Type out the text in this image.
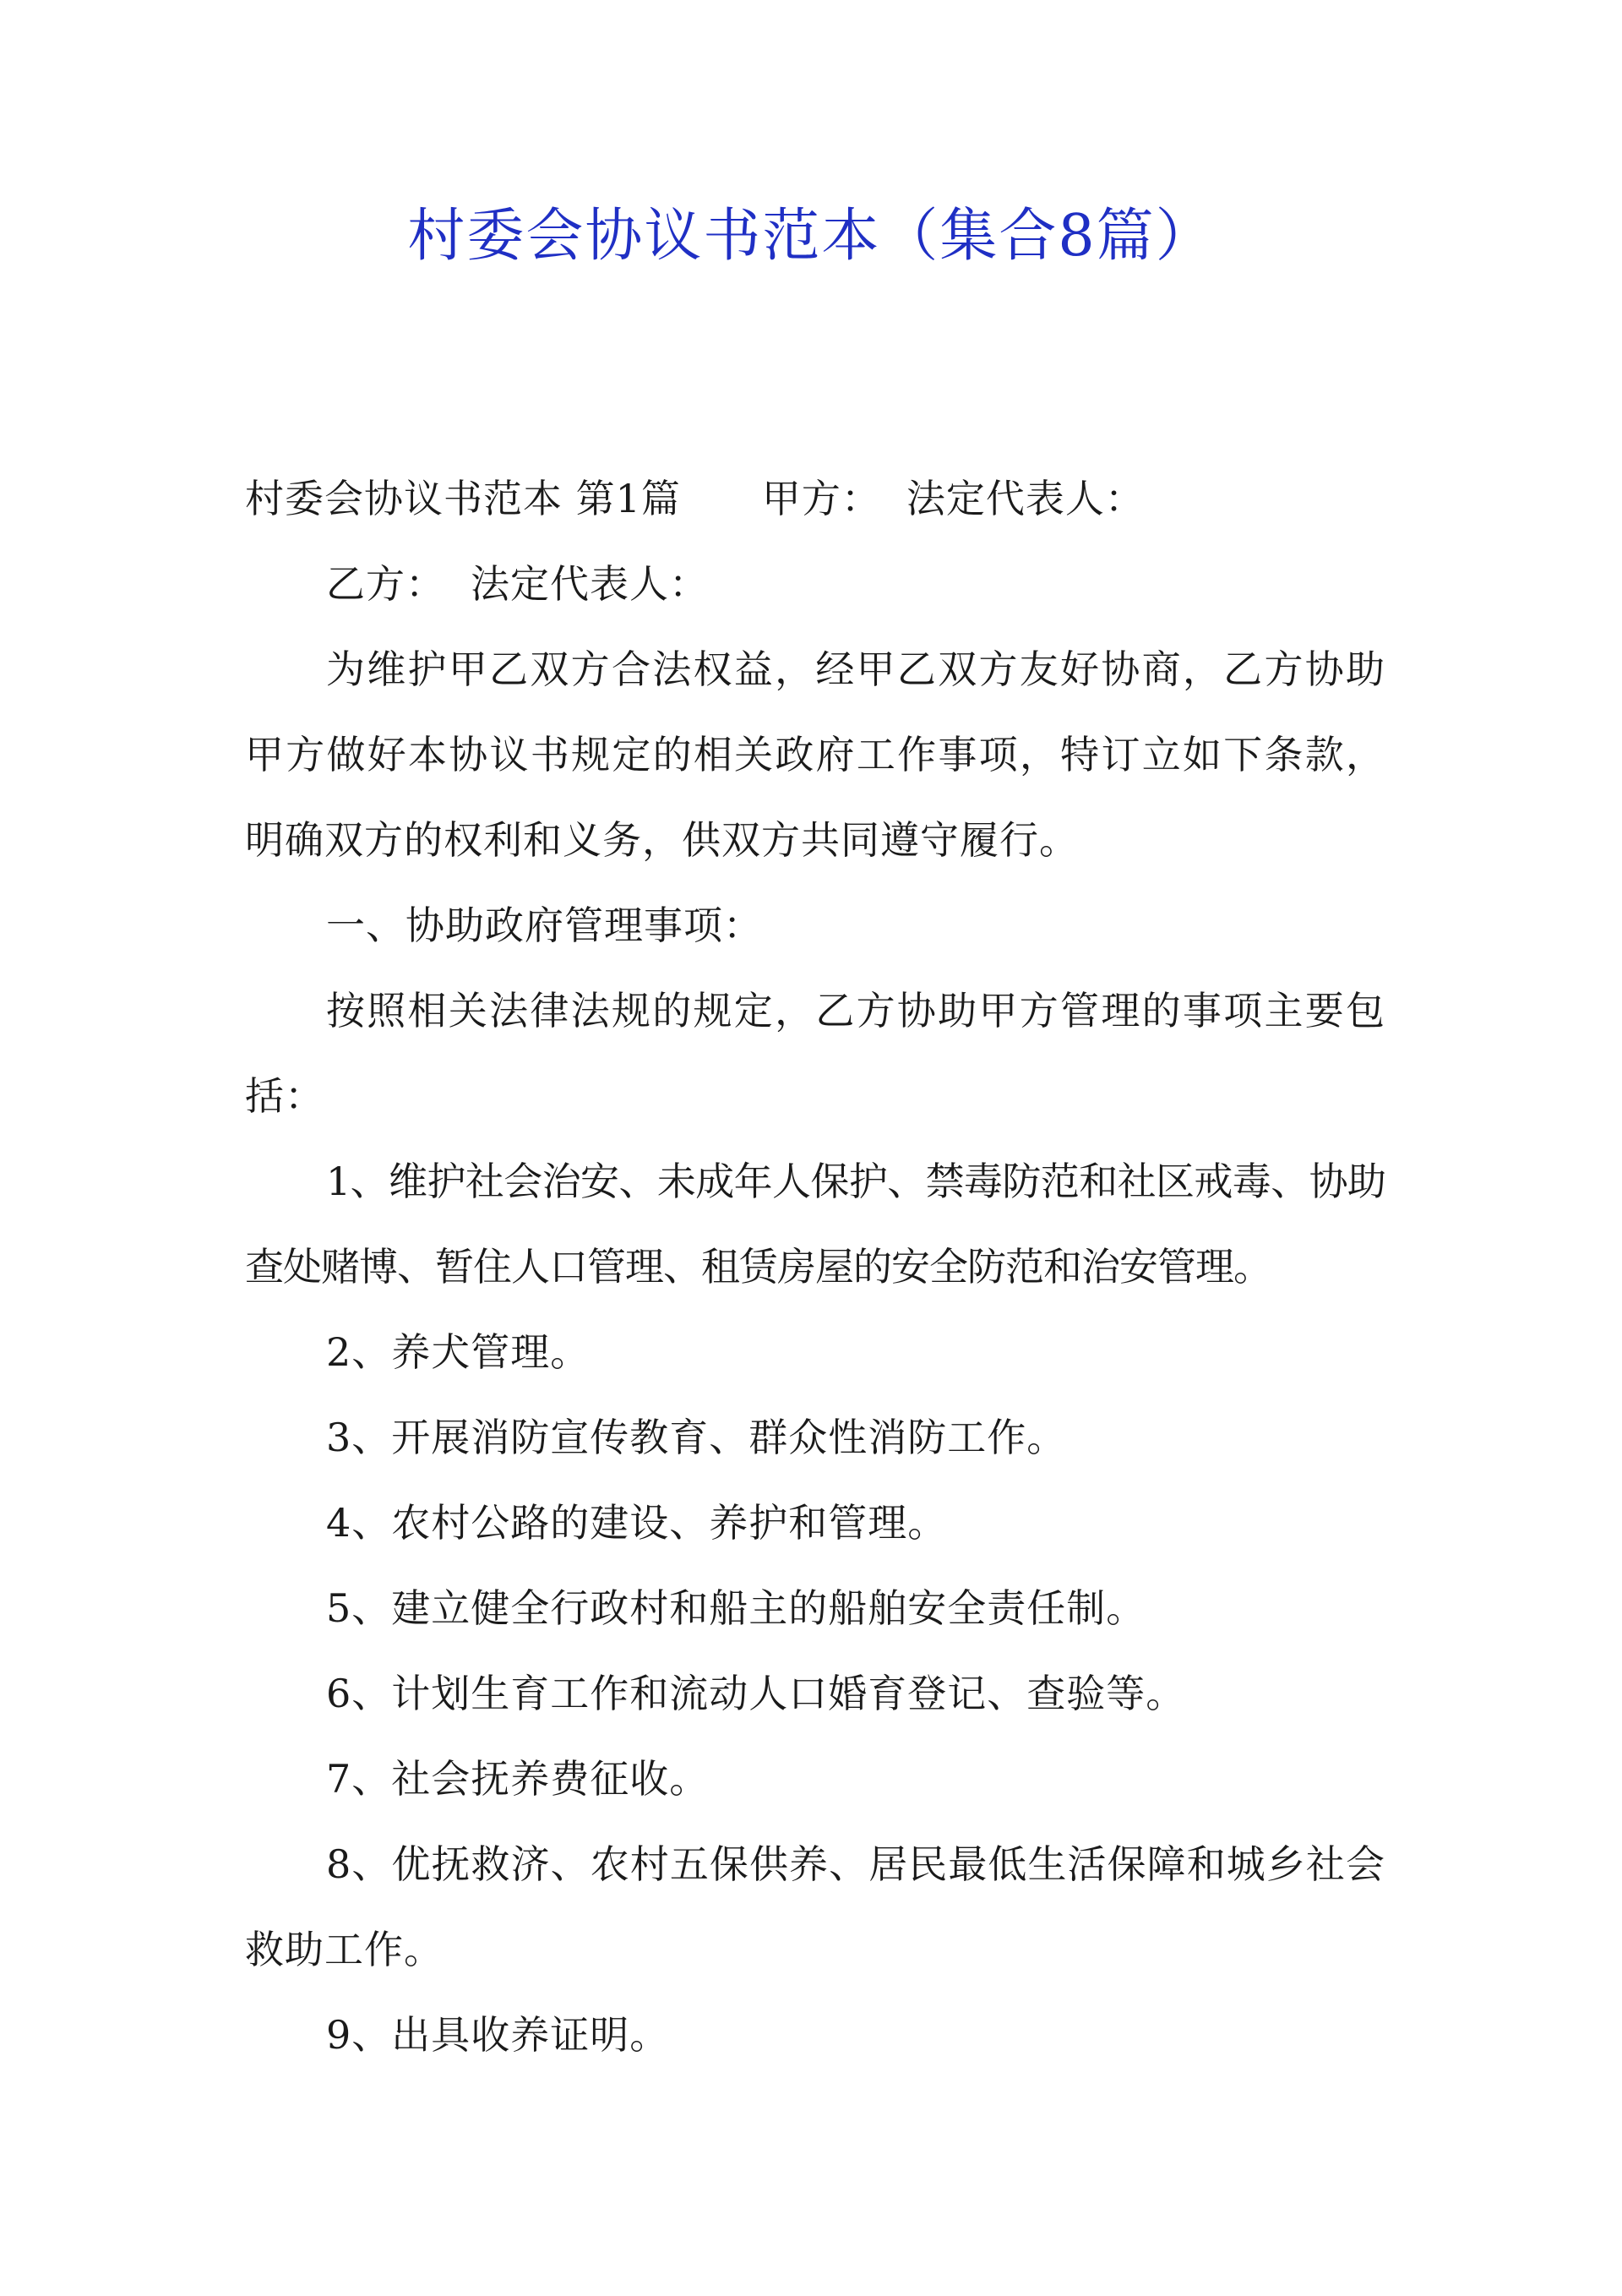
村委会协议书范本（集合8篇）

村委会协议书范本 第1篇 甲方： 法定代表人：

乙方： 法定代表人：

为维护甲乙双方合法权益，经甲乙双方友好协商，乙方协助甲方做好本协议书规定的相关政府工作事项，特订立如下条款，明确双方的权利和义务，供双方共同遵守履行。

一、协助政府管理事项：

按照相关法律法规的规定，乙方协助甲方管理的事项主要包括：

1、维护社会治安、未成年人保护、禁毒防范和社区戒毒、协助查处赌博、暂住人口管理、租赁房屋的安全防范和治安管理。

2、养犬管理。

3、开展消防宣传教育、群众性消防工作。

4、农村公路的建设、养护和管理。

5、建立健全行政村和船主的船舶安全责任制。

6、计划生育工作和流动人口婚育登记、查验等。

7、社会抚养费征收。

8、优抚救济、农村五保供养、居民最低生活保障和城乡社会救助工作。

9、出具收养证明。
